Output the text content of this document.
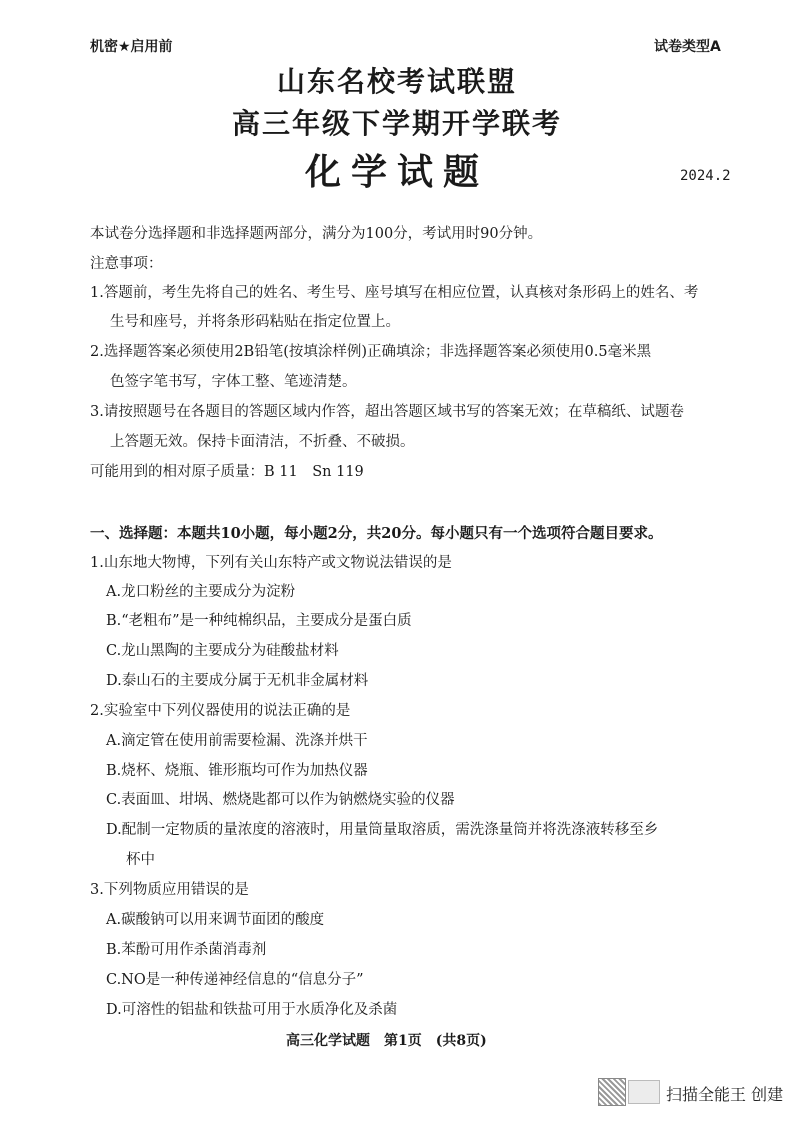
机密★启用前	试卷类型A
山东名校考试联盟
高三年级下学期开学联考
化学试题	2024.2
本试卷分选择题和非选择题两部分，满分为100分，考试用时90分钟。
注意事项：
1.答题前，考生先将自己的姓名、考生号、座号填写在相应位置，认真核对条形码上的姓名、考
生号和座号，并将条形码粘贴在指定位置上。
2.选择题答案必须使用2B铅笔(按填涂样例)正确填涂；非选择题答案必须使用0.5毫米黑
色签字笔书写，字体工整、笔迹清楚。
3.请按照题号在各题目的答题区域内作答，超出答题区域书写的答案无效；在草稿纸、试题卷
上答题无效。保持卡面清洁，不折叠、不破损。
可能用到的相对原子质量：B 11　Sn 119
一、选择题：本题共10小题，每小题2分，共20分。每小题只有一个选项符合题目要求。
1.山东地大物博，下列有关山东特产或文物说法错误的是
A.龙口粉丝的主要成分为淀粉
B.“老粗布”是一种纯棉织品，主要成分是蛋白质
C.龙山黑陶的主要成分为硅酸盐材料
D.泰山石的主要成分属于无机非金属材料
2.实验室中下列仪器使用的说法正确的是
A.滴定管在使用前需要检漏、洗涤并烘干
B.烧杯、烧瓶、锥形瓶均可作为加热仪器
C.表面皿、坩埚、燃烧匙都可以作为钠燃烧实验的仪器
D.配制一定物质的量浓度的溶液时，用量筒量取溶质，需洗涤量筒并将洗涤液转移至乡
杯中
3.下列物质应用错误的是
A.碳酸钠可以用来调节面团的酸度
B.苯酚可用作杀菌消毒剂
C.NO是一种传递神经信息的“信息分子”
D.可溶性的铝盐和铁盐可用于水质净化及杀菌
高三化学试题　第1页　(共8页)
扫描全能王 创建
